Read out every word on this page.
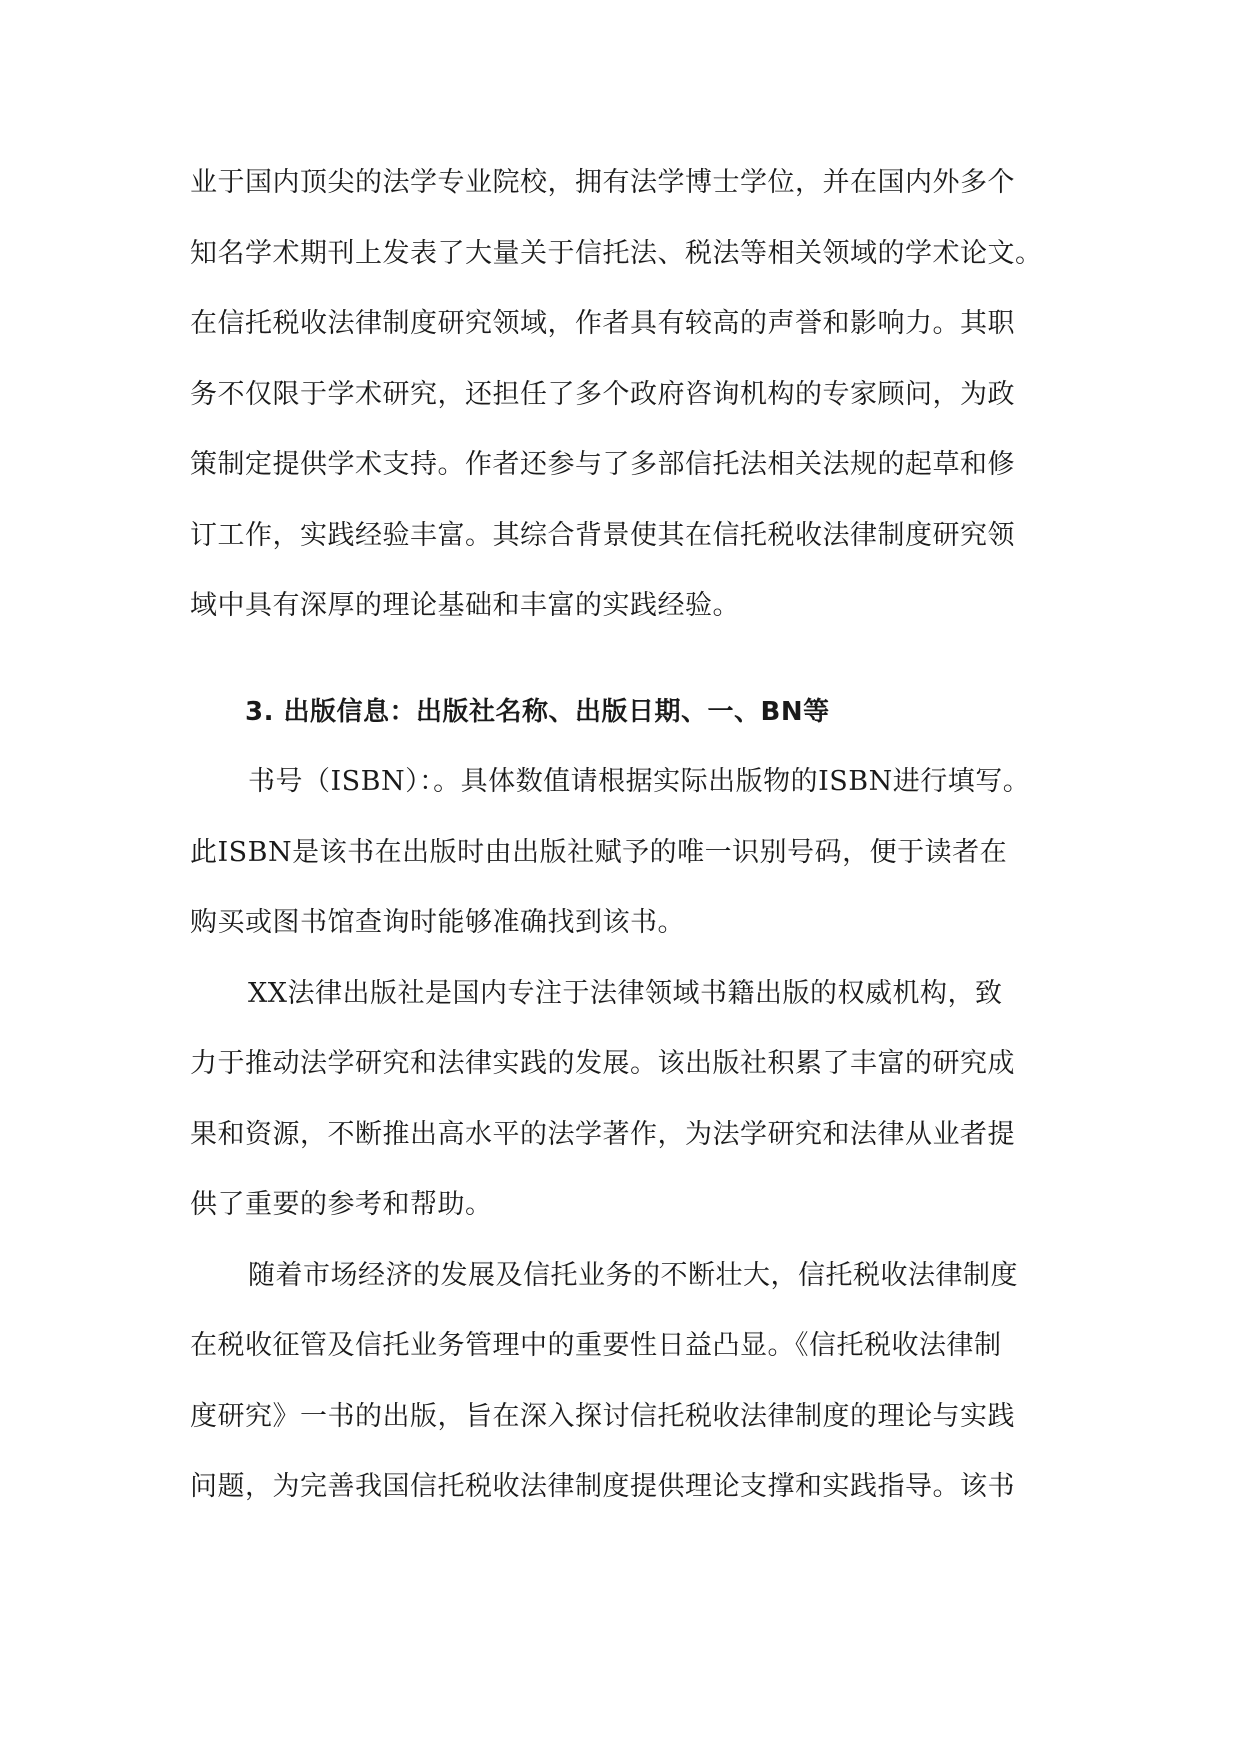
业于国内顶尖的法学专业院校，拥有法学博士学位，并在国内外多个
知名学术期刊上发表了大量关于信托法、税法等相关领域的学术论文。
在信托税收法律制度研究领域，作者具有较高的声誉和影响力。其职
务不仅限于学术研究，还担任了多个政府咨询机构的专家顾问，为政
策制定提供学术支持。作者还参与了多部信托法相关法规的起草和修
订工作，实践经验丰富。其综合背景使其在信托税收法律制度研究领
域中具有深厚的理论基础和丰富的实践经验。
3. 出版信息：出版社名称、出版日期、一、BN等
书号（ISBN）：。具体数值请根据实际出版物的ISBN进行填写。
此ISBN是该书在出版时由出版社赋予的唯一识别号码，便于读者在
购买或图书馆查询时能够准确找到该书。
XX法律出版社是国内专注于法律领域书籍出版的权威机构，致
力于推动法学研究和法律实践的发展。该出版社积累了丰富的研究成
果和资源，不断推出高水平的法学著作，为法学研究和法律从业者提
供了重要的参考和帮助。
随着市场经济的发展及信托业务的不断壮大，信托税收法律制度
在税收征管及信托业务管理中的重要性日益凸显。《信托税收法律制
度研究》一书的出版，旨在深入探讨信托税收法律制度的理论与实践
问题，为完善我国信托税收法律制度提供理论支撑和实践指导。该书
